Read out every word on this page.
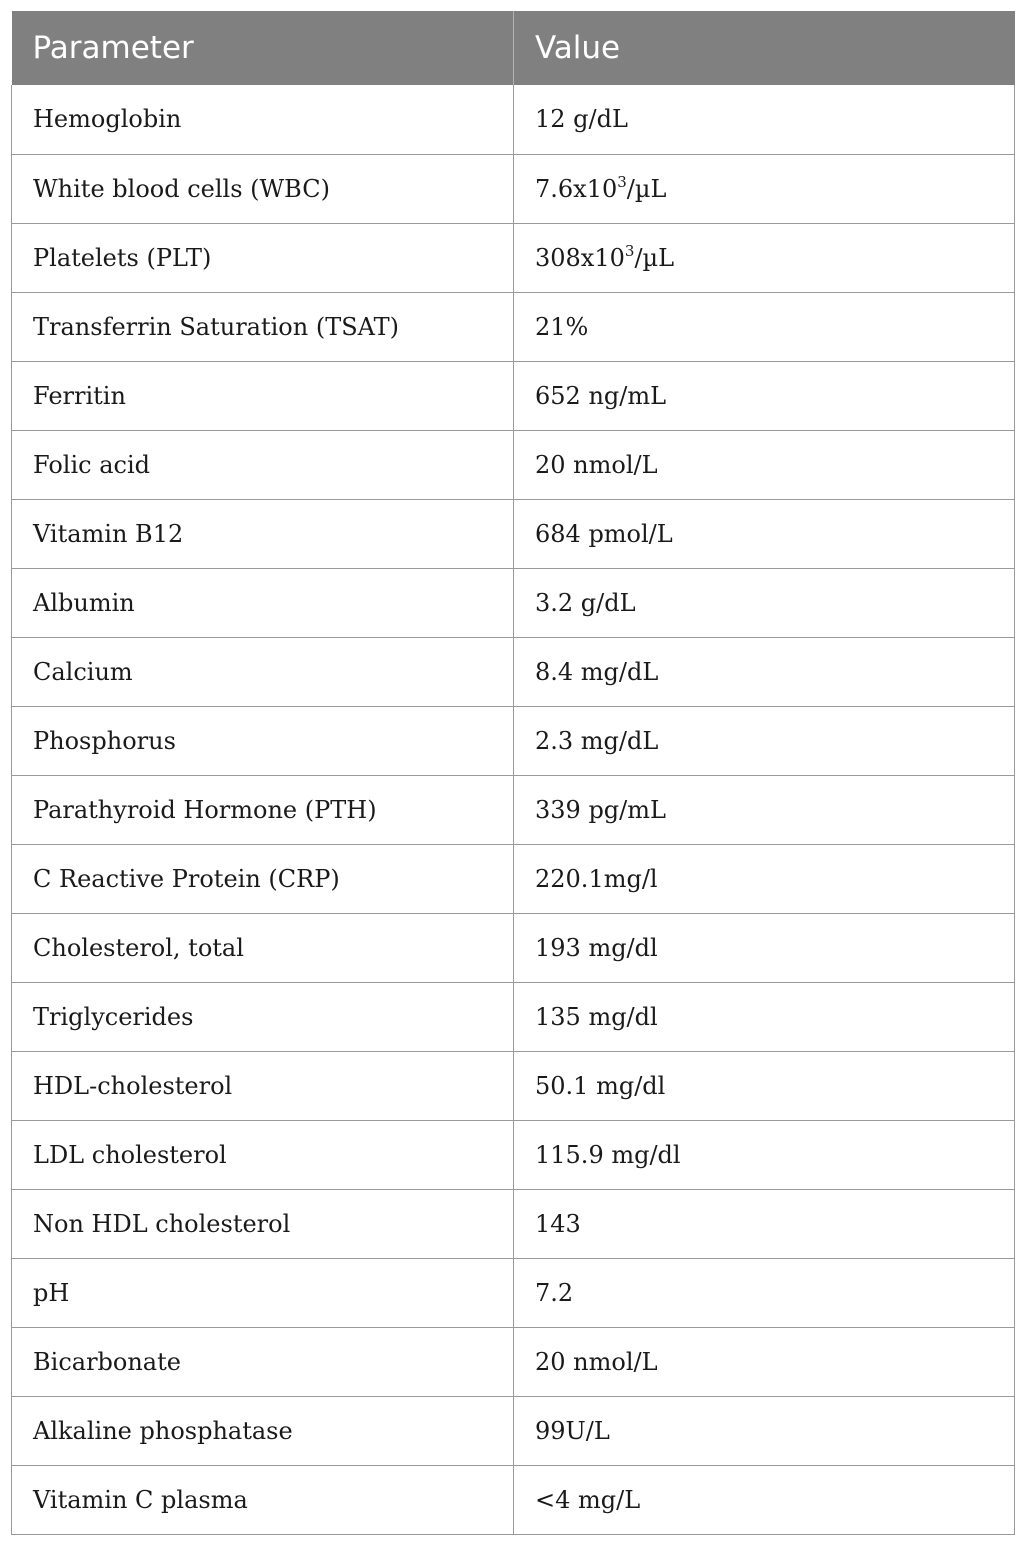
Parameter	Value
Hemoglobin	12 g/dL
White blood cells (WBC)	$7.6x10^3/\mu L$
Platelets (PLT)	$308x10^3/\mu L$
Transferrin Saturation (TSAT)	21%
Ferritin	652 ng/mL
Folic acid	20 nmol/L
Vitamin B12	684 pmol/L
Albumin	3.2 g/dL
Calcium	8.4 mg/dL
Phosphorus	2.3 mg/dL
Parathyroid Hormone (PTH)	339 pg/mL
C Reactive Protein (CRP)	220.1mg/l
Cholesterol, total	193 mg/dl
Triglycerides	135 mg/dl
HDL-cholesterol	50.1 mg/dl
LDL cholesterol	115.9 mg/dl
Non HDL cholesterol	143
pH	7.2
Bicarbonate	20 nmol/L
Alkaline phosphatase	99U/L
Vitamin C plasma	<4 mg/L
